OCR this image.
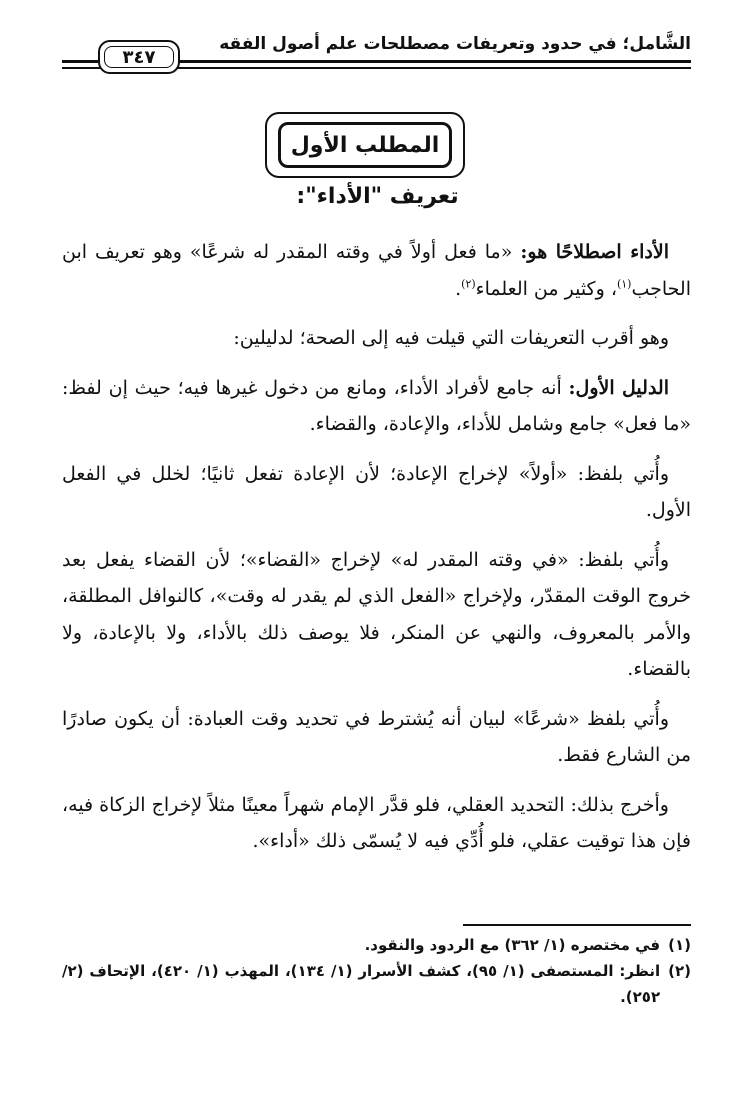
الشَّامل؛ في حدود وتعريفات مصطلحات علم أصول الفقه
٣٤٧
المطلب الأول
تعريف "الأداء":

الأداء اصطلاحًا هو: «ما فعل أولاً في وقته المقدر له شرعًا» وهو تعريف ابن الحاجب$^{(١)}$، وكثير من العلماء$^{(٢)}$.

وهو أقرب التعريفات التي قيلت فيه إلى الصحة؛ لدليلين:

الدليل الأول: أنه جامع لأفراد الأداء، ومانع من دخول غيرها فيه؛ حيث إن لفظ: «ما فعل» جامع وشامل للأداء، والإعادة، والقضاء.

وأُتي بلفظ: «أولاً» لإخراج الإعادة؛ لأن الإعادة تفعل ثانيًا؛ لخلل في الفعل الأول.

وأُتي بلفظ: «في وقته المقدر له» لإخراج «القضاء»؛ لأن القضاء يفعل بعد خروج الوقت المقدّر، ولإخراج «الفعل الذي لم يقدر له وقت»، كالنوافل المطلقة، والأمر بالمعروف، والنهي عن المنكر، فلا يوصف ذلك بالأداء، ولا بالإعادة، ولا بالقضاء.

وأُتي بلفظ «شرعًا» لبيان أنه يُشترط في تحديد وقت العبادة: أن يكون صادرًا من الشارع فقط.

وأخرج بذلك: التحديد العقلي، فلو قدَّر الإمام شهراً معينًا مثلاً لإخراج الزكاة فيه، فإن هذا توقيت عقلي، فلو أُدِّي فيه لا يُسمّى ذلك «أداء».

(١)
في مختصره (١/ ٣٦٢) مع الردود والنقود.
(٢)
انظر: المستصفى (١/ ٩٥)، كشف الأسرار (١/ ١٣٤)، المهذب (١/ ٤٢٠)، الإتحاف (٢/ ٢٥٢).
